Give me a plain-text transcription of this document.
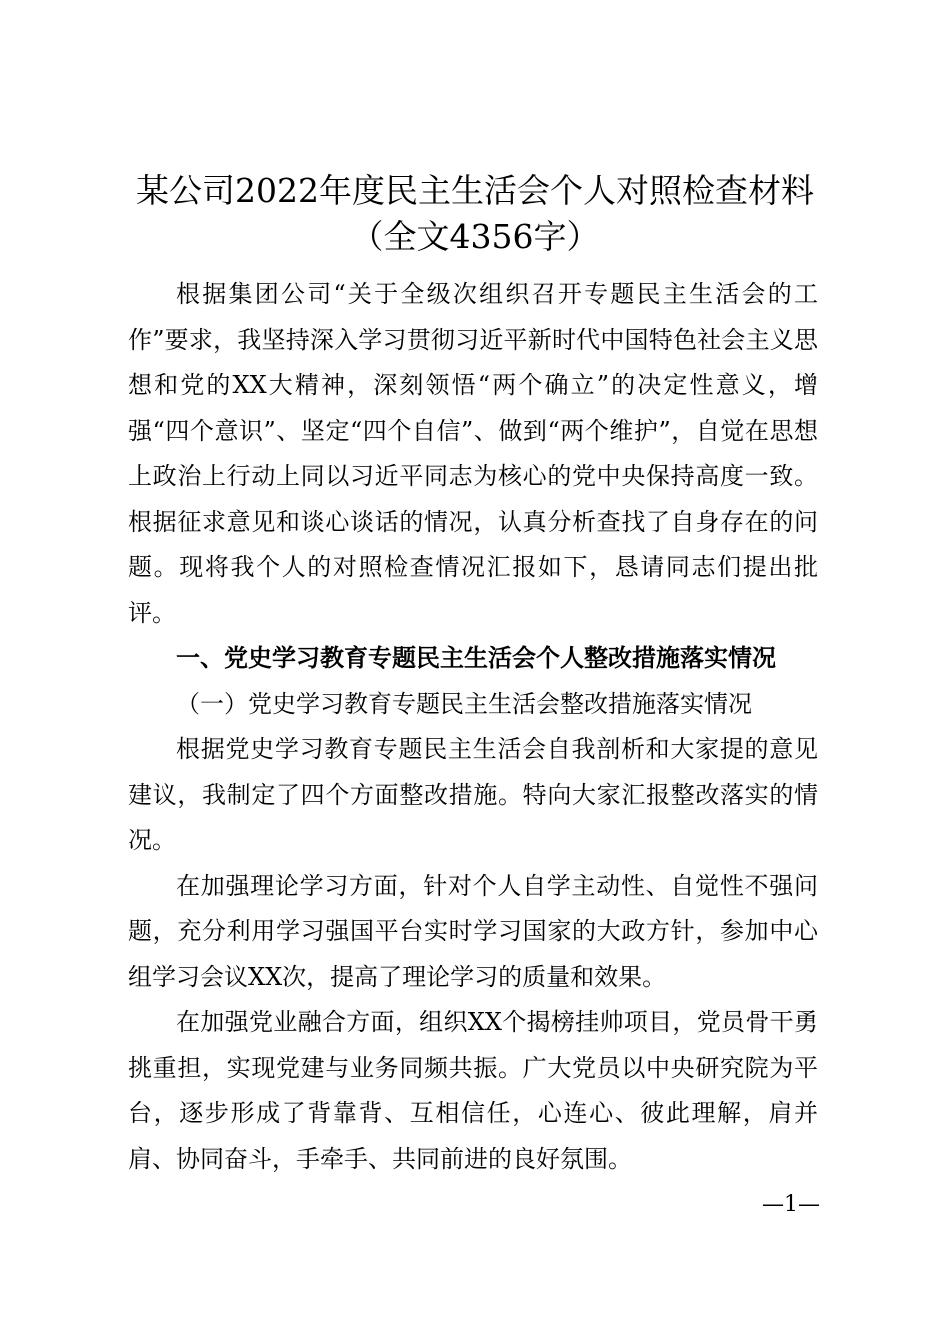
某公司2022年度民主生活会个人对照检查材料（全文4356字）

根据集团公司“关于全级次组织召开专题民主生活会的工作”要求，我坚持深入学习贯彻习近平新时代中国特色社会主义思想和党的XX大精神，深刻领悟“两个确立”的决定性意义，增强“四个意识”、坚定“四个自信”、做到“两个维护”，自觉在思想上政治上行动上同以习近平同志为核心的党中央保持高度一致。根据征求意见和谈心谈话的情况，认真分析查找了自身存在的问题。现将我个人的对照检查情况汇报如下，恳请同志们提出批评。

一、党史学习教育专题民主生活会个人整改措施落实情况

（一）党史学习教育专题民主生活会整改措施落实情况

根据党史学习教育专题民主生活会自我剖析和大家提的意见建议，我制定了四个方面整改措施。特向大家汇报整改落实的情况。

在加强理论学习方面，针对个人自学主动性、自觉性不强问题，充分利用学习强国平台实时学习国家的大政方针，参加中心组学习会议XX次，提高了理论学习的质量和效果。

在加强党业融合方面，组织XX个揭榜挂帅项目，党员骨干勇挑重担，实现党建与业务同频共振。广大党员以中央研究院为平台，逐步形成了背靠背、互相信任，心连心、彼此理解，肩并肩、协同奋斗，手牵手、共同前进的良好氛围。

—1—
